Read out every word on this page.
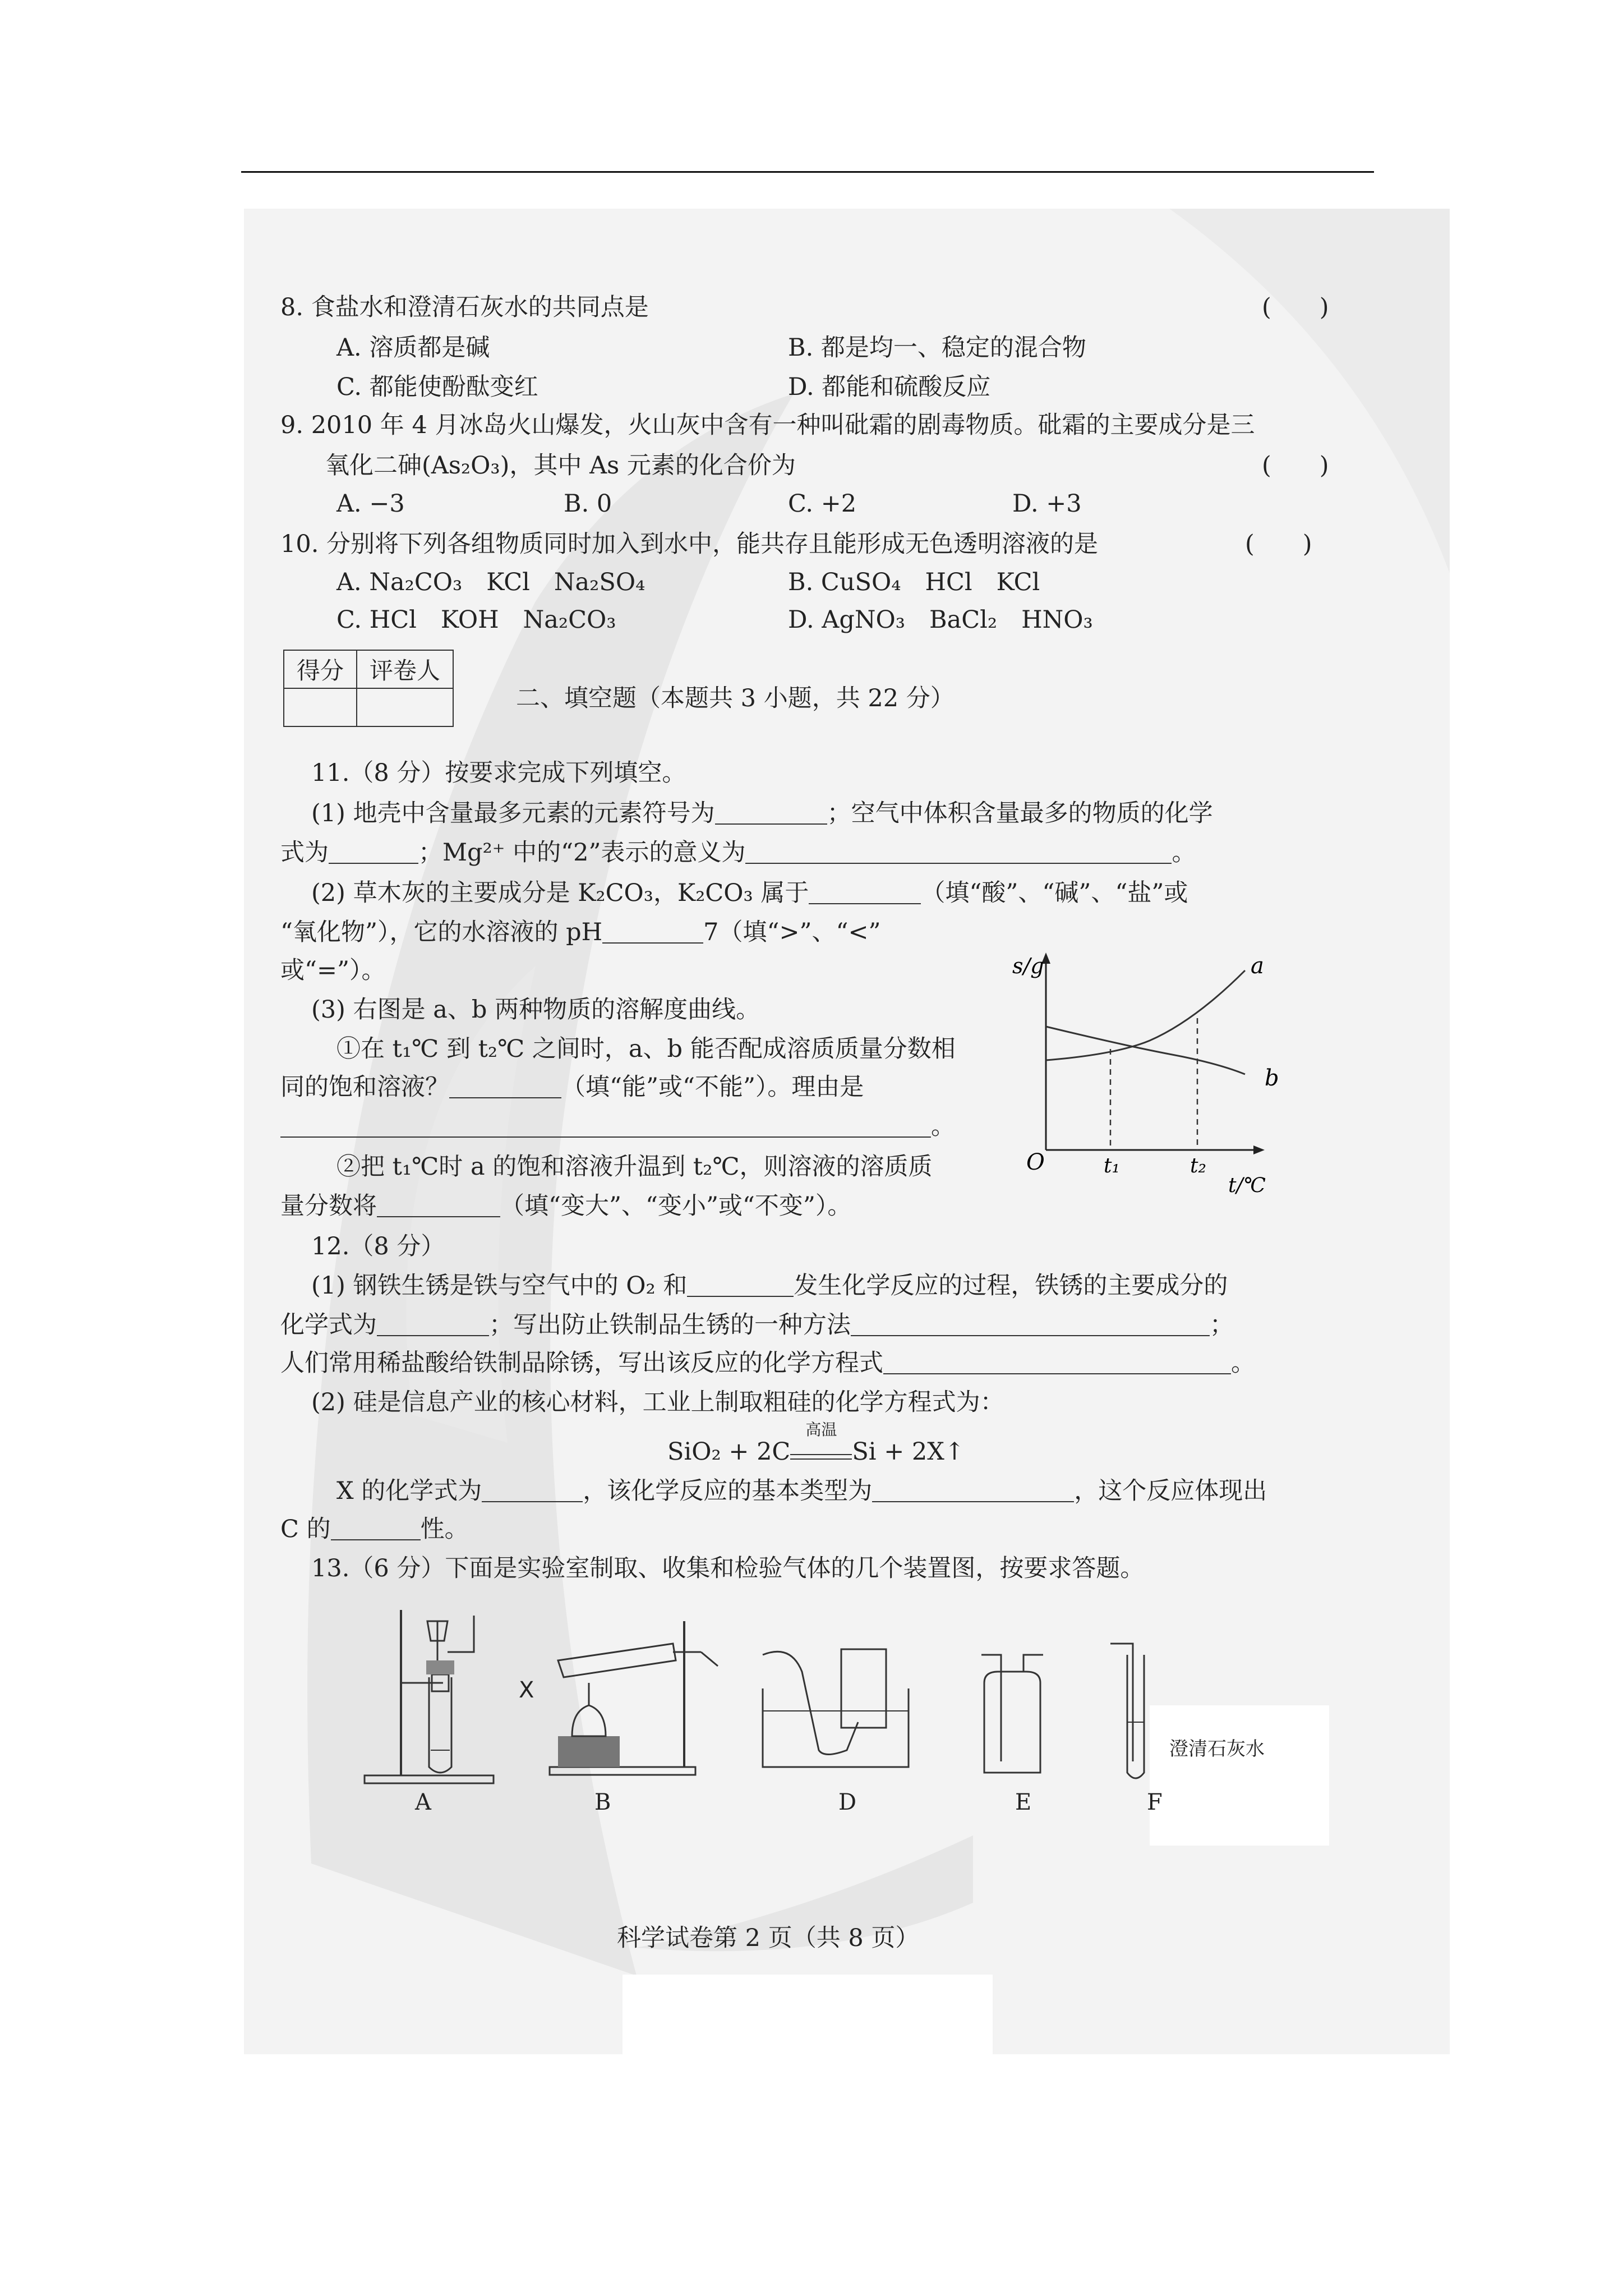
8. 食盐水和澄清石灰水的共同点是	(　　)
A. 溶质都是碱	B. 都是均一、稳定的混合物
C. 都能使酚酞变红	D. 都能和硫酸反应
9. 2010 年 4 月冰岛火山爆发，火山灰中含有一种叫砒霜的剧毒物质。砒霜的主要成分是三
氧化二砷(As₂O₃)，其中 As 元素的化合价为	(　　)
A. −3	B. 0	C. +2	D. +3
10. 分别将下列各组物质同时加入到水中，能共存且能形成无色透明溶液的是	(　　)
A. Na₂CO₃　KCl　Na₂SO₄	B. CuSO₄　HCl　KCl
C. HCl　KOH　Na₂CO₃	D. AgNO₃　BaCl₂　HNO₃
得分	评卷人

二、填空题（本题共 3 小题，共 22 分）
11.（8 分）按要求完成下列填空。
(1) 地壳中含量最多元素的元素符号为	；空气中体积含量最多的物质的化学
式为	；Mg²⁺ 中的“2”表示的意义为	。
(2) 草木灰的主要成分是 K₂CO₃，K₂CO₃ 属于	（填“酸”、“碱”、“盐”或
“氧化物”），它的水溶液的 pH	7（填“>”、“<”
或“=”）。
(3) 右图是 a、b 两种物质的溶解度曲线。
①在 t₁℃ 到 t₂℃ 之间时，a、b 能否配成溶质质量分数相
同的饱和溶液？	（填“能”或“不能”）。理由是
。
②把 t₁℃时 a 的饱和溶液升温到 t₂℃，则溶液的溶质质
量分数将	（填“变大”、“变小”或“不变”）。
s/g
O	t₁	t₂
t/℃
a
b
12.（8 分）
(1) 钢铁生锈是铁与空气中的 O₂ 和	发生化学反应的过程，铁锈的主要成分的
化学式为	；写出防止铁制品生锈的一种方法	；
人们常用稀盐酸给铁制品除锈，写出该反应的化学方程式	。
(2) 硅是信息产业的核心材料，工业上制取粗硅的化学方程式为：
SiO₂ + 2C
高温
Si + 2X↑
X 的化学式为	，该化学反应的基本类型为	，这个反应体现出
C 的	性。
13.（6 分）下面是实验室制取、收集和检验气体的几个装置图，按要求答题。
A
X
B	D	E
澄清石灰水
F
科学试卷第 2 页（共 8 页）
